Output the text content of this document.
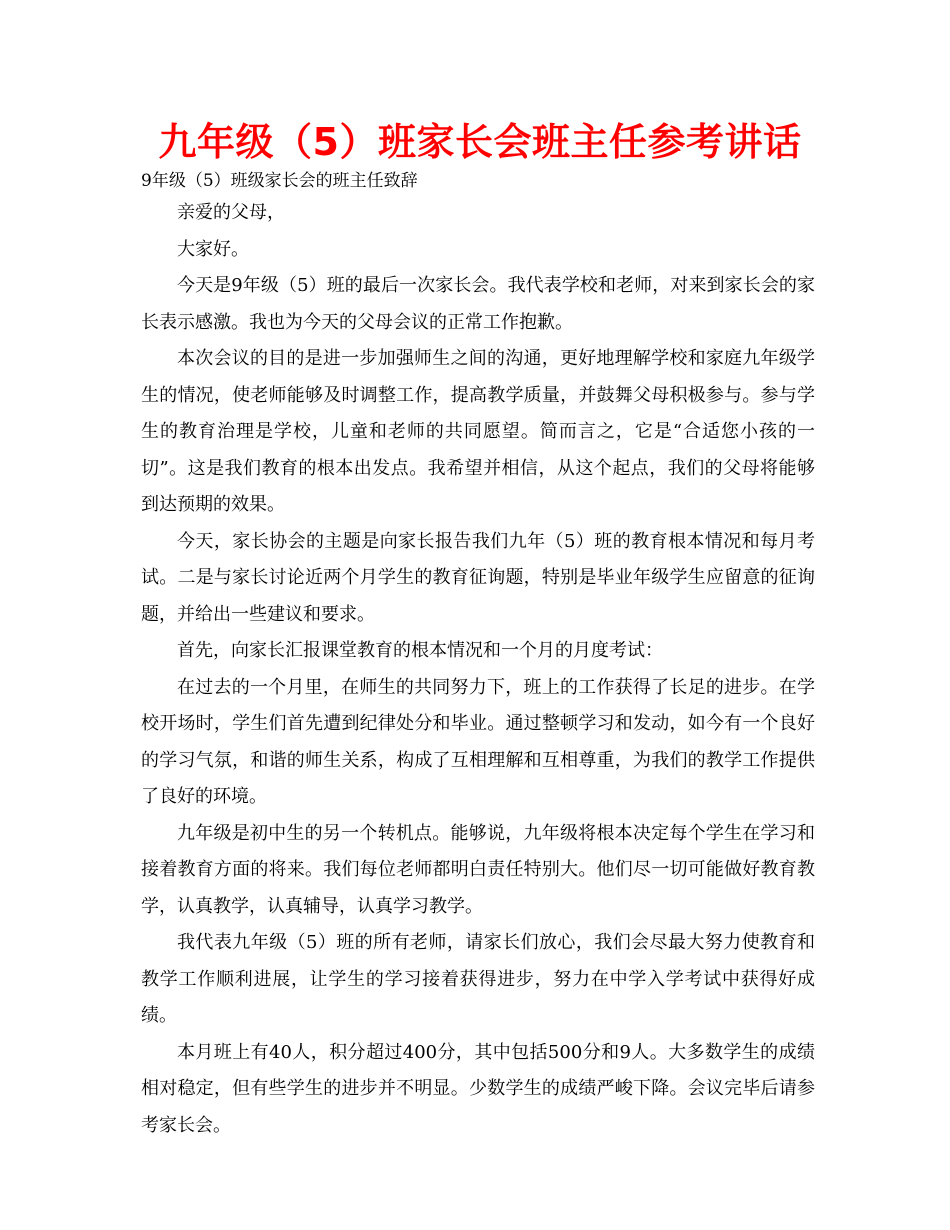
九年级（5）班家长会班主任参考讲话
9年级（5）班级家长会的班主任致辞

亲爱的父母，

大家好。

今天是9年级（5）班的最后一次家长会。我代表学校和老师，对来到家长会的家长表示感激。我也为今天的父母会议的正常工作抱歉。

本次会议的目的是进一步加强师生之间的沟通，更好地理解学校和家庭九年级学生的情况，使老师能够及时调整工作，提高教学质量，并鼓舞父母积极参与。参与学生的教育治理是学校，儿童和老师的共同愿望。简而言之，它是“合适您小孩的一切”。这是我们教育的根本出发点。我希望并相信，从这个起点，我们的父母将能够到达预期的效果。

今天，家长协会的主题是向家长报告我们九年（5）班的教育根本情况和每月考试。二是与家长讨论近两个月学生的教育征询题，特别是毕业年级学生应留意的征询题，并给出一些建议和要求。

首先，向家长汇报课堂教育的根本情况和一个月的月度考试：

在过去的一个月里，在师生的共同努力下，班上的工作获得了长足的进步。在学校开场时，学生们首先遭到纪律处分和毕业。通过整顿学习和发动，如今有一个良好的学习气氛，和谐的师生关系，构成了互相理解和互相尊重，为我们的教学工作提供了良好的环境。

九年级是初中生的另一个转机点。能够说，九年级将根本决定每个学生在学习和接着教育方面的将来。我们每位老师都明白责任特别大。他们尽一切可能做好教育教学，认真教学，认真辅导，认真学习教学。

我代表九年级（5）班的所有老师，请家长们放心，我们会尽最大努力使教育和教学工作顺利进展，让学生的学习接着获得进步，努力在中学入学考试中获得好成绩。

本月班上有40人，积分超过400分，其中包括500分和9人。大多数学生的成绩相对稳定，但有些学生的进步并不明显。少数学生的成绩严峻下降。会议完毕后请参考家长会。
